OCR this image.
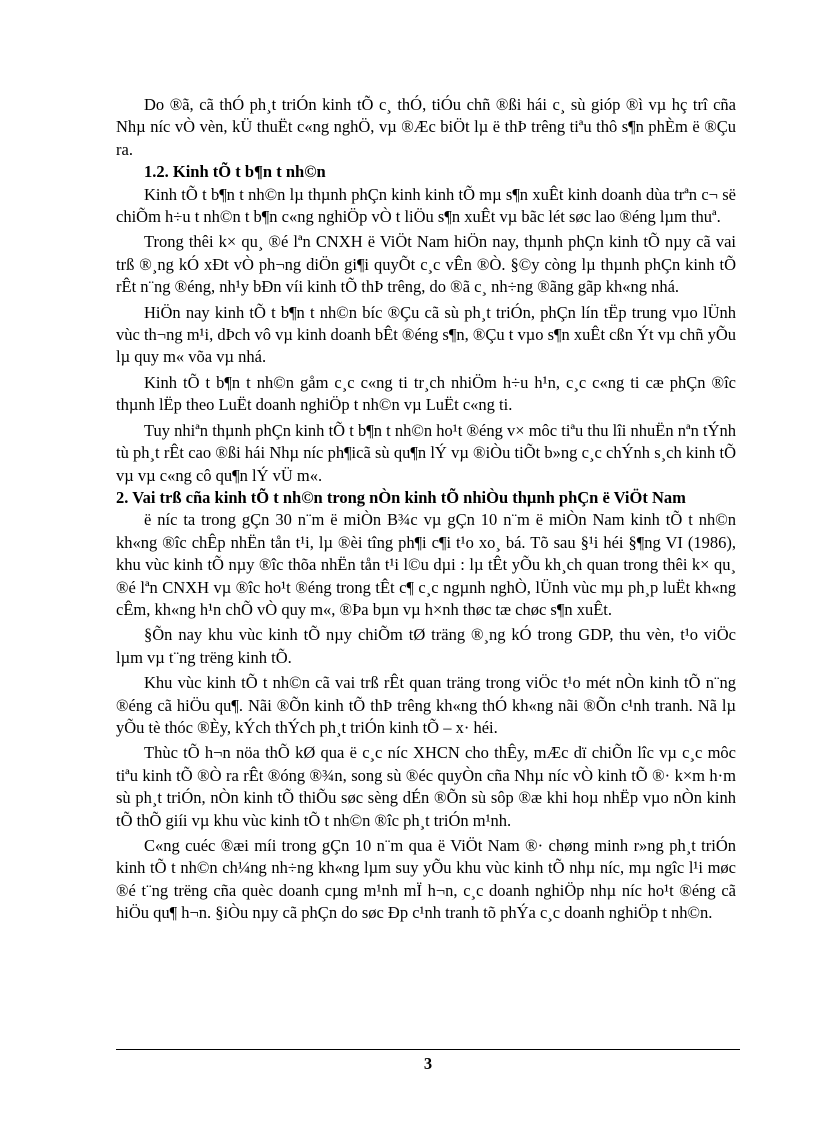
Do ®ã, cã thÓ ph¸t triÓn kinh tÕ c¸ thÓ, tiÓu chñ ®ßi hái c¸ sù gióp ®ì vµ hç trî cña Nhµ níc vÒ vèn, kÜ thuËt c«ng nghÖ, vµ ®Æc biÖt lµ ë thÞ trêng tiªu thô s¶n phÈm ë ®Çu ra.

1.2. Kinh tÕ t b¶n t nh©n

Kinh tÕ t b¶n t nh©n lµ thµnh phÇn kinh kinh tÕ mµ s¶n xuÊt kinh doanh dùa trªn c¬ së chiÕm h÷u t nh©n t b¶n c«ng nghiÖp vÒ t liÖu s¶n xuÊt vµ bãc lét søc lao ®éng lµm thuª.

Trong thêi k× qu¸ ®é lªn CNXH ë ViÖt Nam hiÖn nay, thµnh phÇn kinh tÕ nµy cã vai trß ®¸ng kÓ xÐt vÒ ph¬ng diÖn gi¶i quyÕt c¸c vÊn ®Ò. §©y còng lµ thµnh phÇn kinh tÕ rÊt n¨ng ®éng, nh¹y bÐn víi kinh tÕ thÞ trêng, do ®ã c¸ nh÷ng ®ãng gãp kh«ng nhá.

HiÖn nay kinh tÕ t b¶n t nh©n bíc ®Çu cã sù ph¸t triÓn, phÇn lín tËp trung vµo lÜnh vùc th¬ng m¹i, dÞch vô vµ kinh doanh bÊt ®éng s¶n, ®Çu t vµo s¶n xuÊt cßn Ýt vµ chñ yÕu lµ quy m« võa vµ nhá.

Kinh tÕ t b¶n t nh©n gåm c¸c c«ng ti tr¸ch nhiÖm h÷u h¹n, c¸c c«ng ti cæ phÇn ®îc thµnh lËp theo LuËt doanh nghiÖp t nh©n vµ LuËt c«ng ti.

Tuy nhiªn thµnh phÇn kinh tÕ t b¶n t nh©n ho¹t ®éng v× môc tiªu thu lîi nhuËn nªn tÝnh tù ph¸t rÊt cao ®ßi hái Nhµ níc ph¶icã sù qu¶n lÝ vµ ®iÒu tiÕt b»ng c¸c chÝnh s¸ch kinh tÕ vµ vµ c«ng cô qu¶n lÝ vÜ m«.

2. Vai trß cña kinh tÕ t nh©n trong nÒn kinh tÕ nhiÒu thµnh phÇn ë ViÖt Nam

ë níc ta trong gÇn 30 n¨m ë miÒn B¾c vµ gÇn 10 n¨m ë miÒn Nam kinh tÕ t nh©n kh«ng ®îc chÊp nhËn tån t¹i, lµ ®èi tîng ph¶i c¶i t¹o xo¸ bá. Tõ sau §¹i héi §¶ng VI (1986), khu vùc kinh tÕ nµy ®îc thõa nhËn tån t¹i l©u dµi : lµ tÊt yÕu kh¸ch quan trong thêi k× qu¸ ®é lªn CNXH vµ ®îc ho¹t ®éng trong tÊt c¶ c¸c ngµnh nghÒ, lÜnh vùc mµ ph¸p luËt kh«ng cÊm, kh«ng h¹n chÕ vÒ quy m«, ®Þa bµn vµ h×nh thøc tæ chøc s¶n xuÊt.

§Õn nay khu vùc kinh tÕ nµy chiÕm tØ träng ®¸ng kÓ trong GDP, thu vèn, t¹o viÖc lµm vµ t¨ng trëng kinh tÕ.

Khu vùc kinh tÕ t nh©n cã vai trß rÊt quan träng trong viÖc t¹o mét nÒn kinh tÕ n¨ng ®éng cã hiÖu qu¶. Nãi ®Õn kinh tÕ thÞ trêng kh«ng thÓ kh«ng nãi ®Õn c¹nh tranh. Nã lµ yÕu tè thóc ®Èy, kÝch thÝch ph¸t triÓn kinh tÕ – x· héi.

Thùc tÕ h¬n nöa thÕ kØ qua ë c¸c níc XHCN cho thÊy, mÆc dï chiÕn lîc vµ c¸c môc tiªu kinh tÕ ®Ò ra rÊt ®óng ®¾n, song sù ®éc quyÒn cña Nhµ níc vÒ kinh tÕ ®· k×m h·m sù ph¸t triÓn, nÒn kinh tÕ thiÕu søc sèng dÉn ®Õn sù sôp ®æ khi hoµ nhËp vµo nÒn kinh tÕ thÕ giíi vµ khu vùc kinh tÕ t nh©n ®îc ph¸t triÓn m¹nh.

C«ng cuéc ®æi míi trong gÇn 10 n¨m qua ë ViÖt Nam ®· chøng minh r»ng ph¸t triÓn kinh tÕ t nh©n ch¼ng nh÷ng kh«ng lµm suy yÕu khu vùc kinh tÕ nhµ níc, mµ ngîc l¹i møc ®é t¨ng trëng cña quèc doanh cµng m¹nh mÏ h¬n, c¸c doanh nghiÖp nhµ níc ho¹t ®éng cã hiÖu qu¶ h¬n. §iÒu nµy cã phÇn do søc Ðp c¹nh tranh tõ phÝa c¸c doanh nghiÖp t nh©n.

3
